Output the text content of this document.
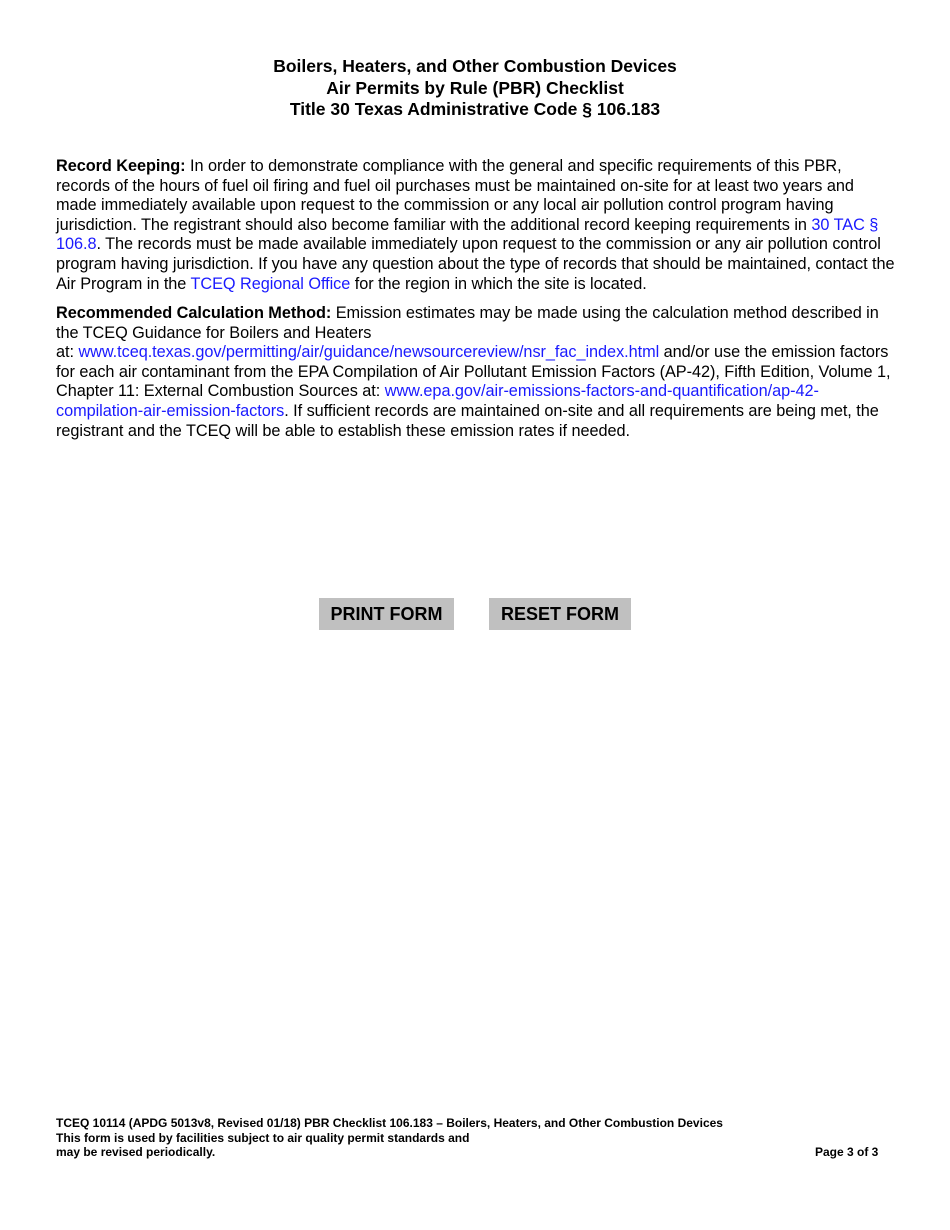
Boilers, Heaters, and Other Combustion Devices
Air Permits by Rule (PBR) Checklist
Title 30 Texas Administrative Code § 106.183
Record Keeping: In order to demonstrate compliance with the general and specific requirements of this PBR, records of the hours of fuel oil firing and fuel oil purchases must be maintained on-site for at least two years and made immediately available upon request to the commission or any local air pollution control program having jurisdiction. The registrant should also become familiar with the additional record keeping requirements in 30 TAC § 106.8. The records must be made available immediately upon request to the commission or any air pollution control program having jurisdiction. If you have any question about the type of records that should be maintained, contact the Air Program in the TCEQ Regional Office for the region in which the site is located.
Recommended Calculation Method: Emission estimates may be made using the calculation method described in the TCEQ Guidance for Boilers and Heaters
at: www.tceq.texas.gov/permitting/air/guidance/newsourcereview/nsr_fac_index.html and/or use the emission factors for each air contaminant from the EPA Compilation of Air Pollutant Emission Factors (AP-42), Fifth Edition, Volume 1, Chapter 11: External Combustion Sources at: www.epa.gov/air-emissions-factors-and-quantification/ap-42-compilation-air-emission-factors. If sufficient records are maintained on-site and all requirements are being met, the registrant and the TCEQ will be able to establish these emission rates if needed.
PRINT FORM	RESET FORM
TCEQ 10114 (APDG 5013v8, Revised 01/18) PBR Checklist 106.183 – Boilers, Heaters, and Other Combustion Devices
This form is used by facilities subject to air quality permit standards and
may be revised periodically.	Page 3 of 3
